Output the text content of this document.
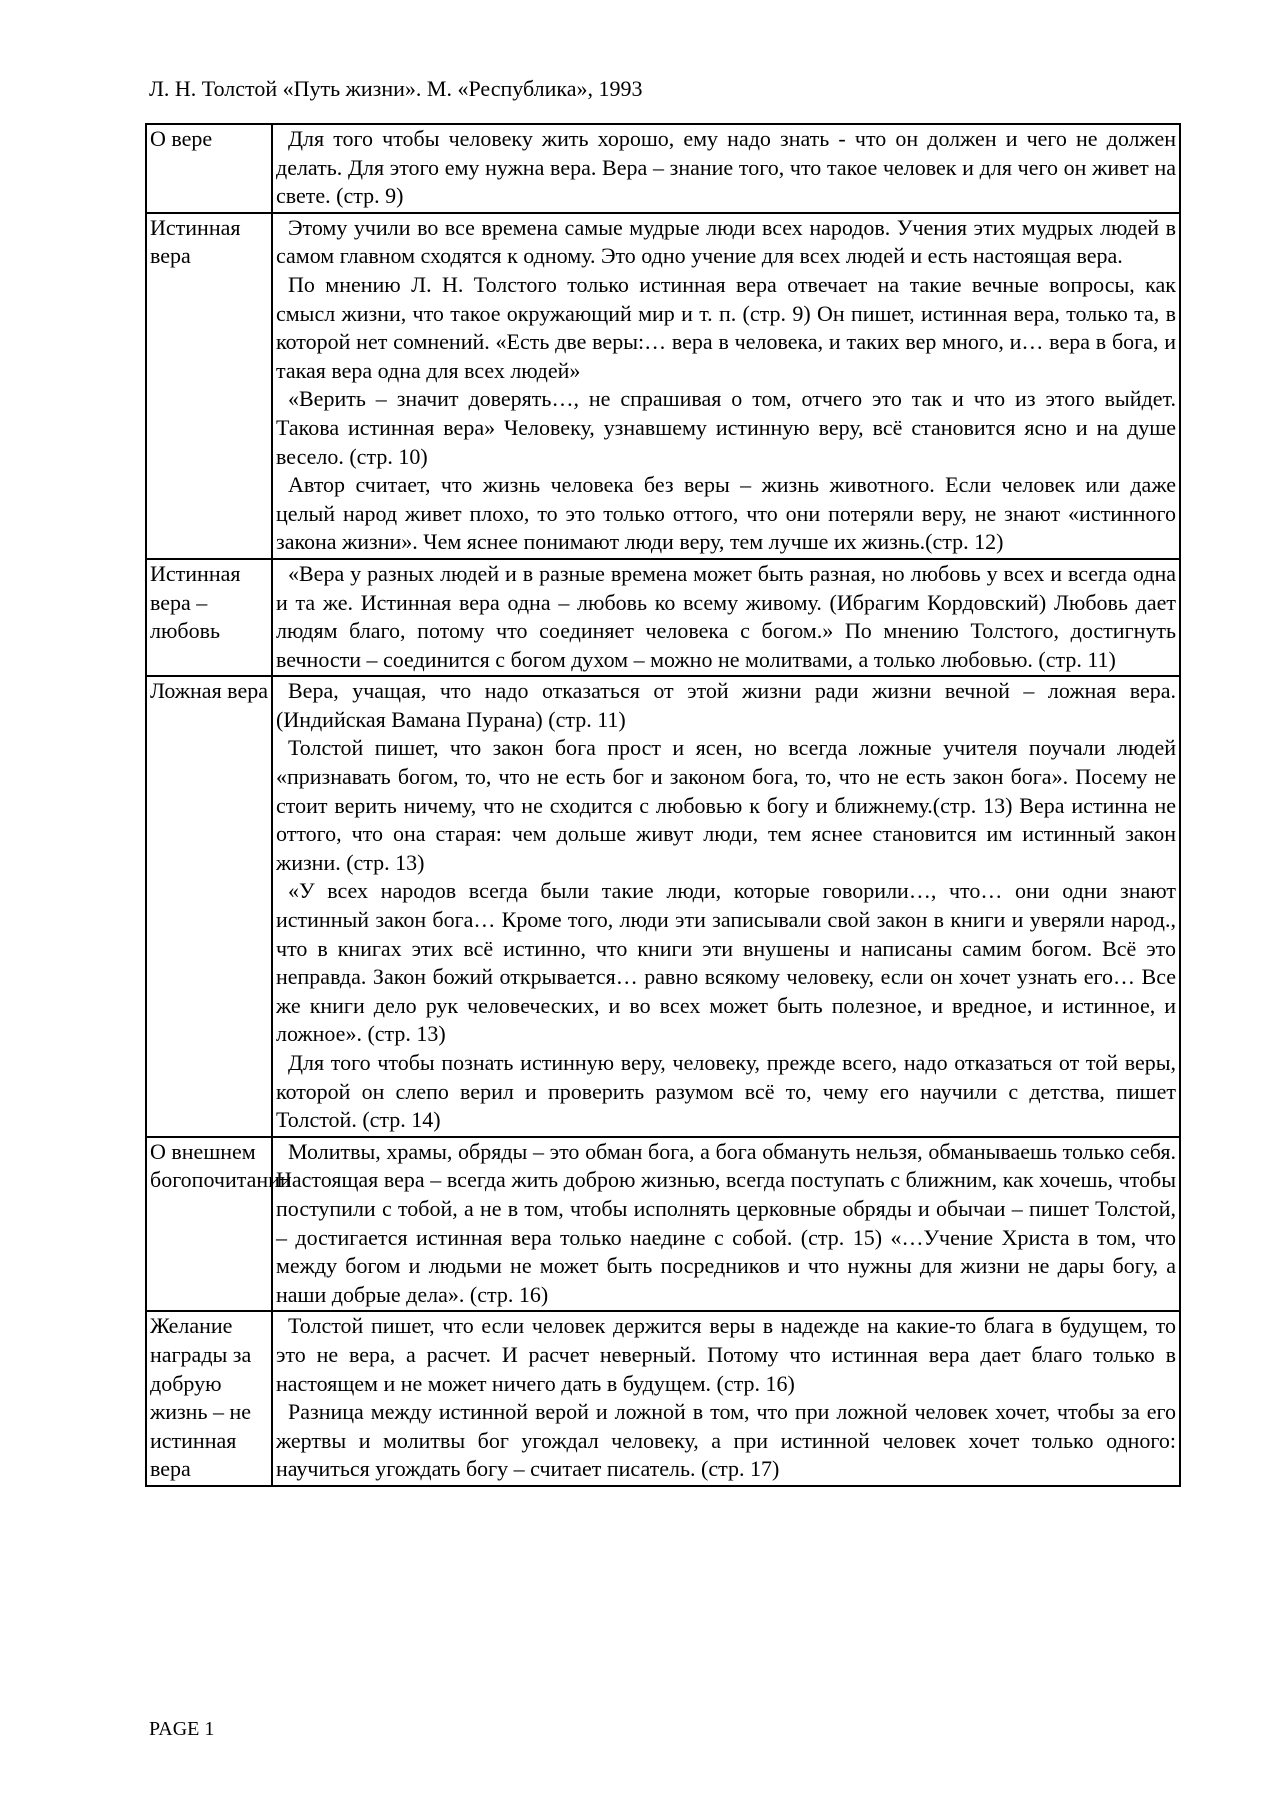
Л. Н. Толстой «Путь жизни». М. «Республика», 1993
О вере	Для того чтобы человеку жить хорошо, ему надо знать - что он должен и чего не должен делать. Для этого ему нужна вера. Вера – знание того, что такое человек и для чего он живет на свете. (стр. 9)

Истинная вера	Этому учили во все времена самые мудрые люди всех народов. Учения этих мудрых людей в самом главном сходятся к одному. Это одно учение для всех людей и есть настоящая вера.

По мнению Л. Н. Толстого только истинная вера отвечает на такие вечные вопросы, как смысл жизни, что такое окружающий мир и т. п. (стр. 9) Он пишет, истинная вера, только та, в которой нет сомнений. «Есть две веры:… вера в человека, и таких вер много, и… вера в бога, и такая вера одна для всех людей»

«Верить – значит доверять…, не спрашивая о том, отчего это так и что из этого выйдет. Такова истинная вера» Человеку, узнавшему истинную веру, всё становится ясно и на душе весело. (стр. 10)

Автор считает, что жизнь человека без веры – жизнь животного. Если человек или даже целый народ живет плохо, то это только оттого, что они потеряли веру, не знают «истинного закона жизни». Чем яснее понимают люди веру, тем лучше их жизнь.(стр. 12)

Истинная вера – любовь	«Вера у разных людей и в разные времена может быть разная, но любовь у всех и всегда одна и та же. Истинная вера одна – любовь ко всему живому. (Ибрагим Кордовский) Любовь дает людям благо, потому что соединяет человека с богом.» По мнению Толстого, достигнуть вечности – соединится с богом духом – можно не молитвами, а только любовью. (стр. 11)

Ложная вера	Вера, учащая, что надо отказаться от этой жизни ради жизни вечной – ложная вера. (Индийская Вамана Пурана) (стр. 11)

Толстой пишет, что закон бога прост и ясен, но всегда ложные учителя поучали людей «признавать богом, то, что не есть бог и законом бога, то, что не есть закон бога». Посему не стоит верить ничему, что не сходится с любовью к богу и ближнему.(стр. 13) Вера истинна не оттого, что она старая: чем дольше живут люди, тем яснее становится им истинный закон жизни. (стр. 13)

«У всех народов всегда были такие люди, которые говорили…, что… они одни знают истинный закон бога… Кроме того, люди эти записывали свой закон в книги и уверяли народ., что в книгах этих всё истинно, что книги эти внушены и написаны самим богом. Всё это неправда. Закон божий открывается… равно всякому человеку, если он хочет узнать его… Все же книги дело рук человеческих, и во всех может быть полезное, и вредное, и истинное, и ложное». (стр. 13)

Для того чтобы познать истинную веру, человеку, прежде всего, надо отказаться от той веры, которой он слепо верил и проверить разумом всё то, чему его научили с детства, пишет Толстой. (стр. 14)

О внешнем богопочитании	Молитвы, храмы, обряды – это обман бога, а бога обмануть нельзя, обманываешь только себя. Настоящая вера – всегда жить доброю жизнью, всегда поступать с ближним, как хочешь, чтобы поступили с тобой, а не в том, чтобы исполнять церковные обряды и обычаи – пишет Толстой, – достигается истинная вера только наедине с собой. (стр. 15) «…Учение Христа в том, что между богом и людьми не может быть посредников и что нужны для жизни не дары богу, а наши добрые дела». (стр. 16)

Желание награды за добрую жизнь – не истинная вера	Толстой пишет, что если человек держится веры в надежде на какие-то блага в будущем, то это не вера, а расчет. И расчет неверный. Потому что истинная вера дает благо только в настоящем и не может ничего дать в будущем. (стр. 16)

Разница между истинной верой и ложной в том, что при ложной человек хочет, чтобы за его жертвы и молитвы бог угождал человеку, а при истинной человек хочет только одного: научиться угождать богу – считает писатель. (стр. 17)

PAGE 1
